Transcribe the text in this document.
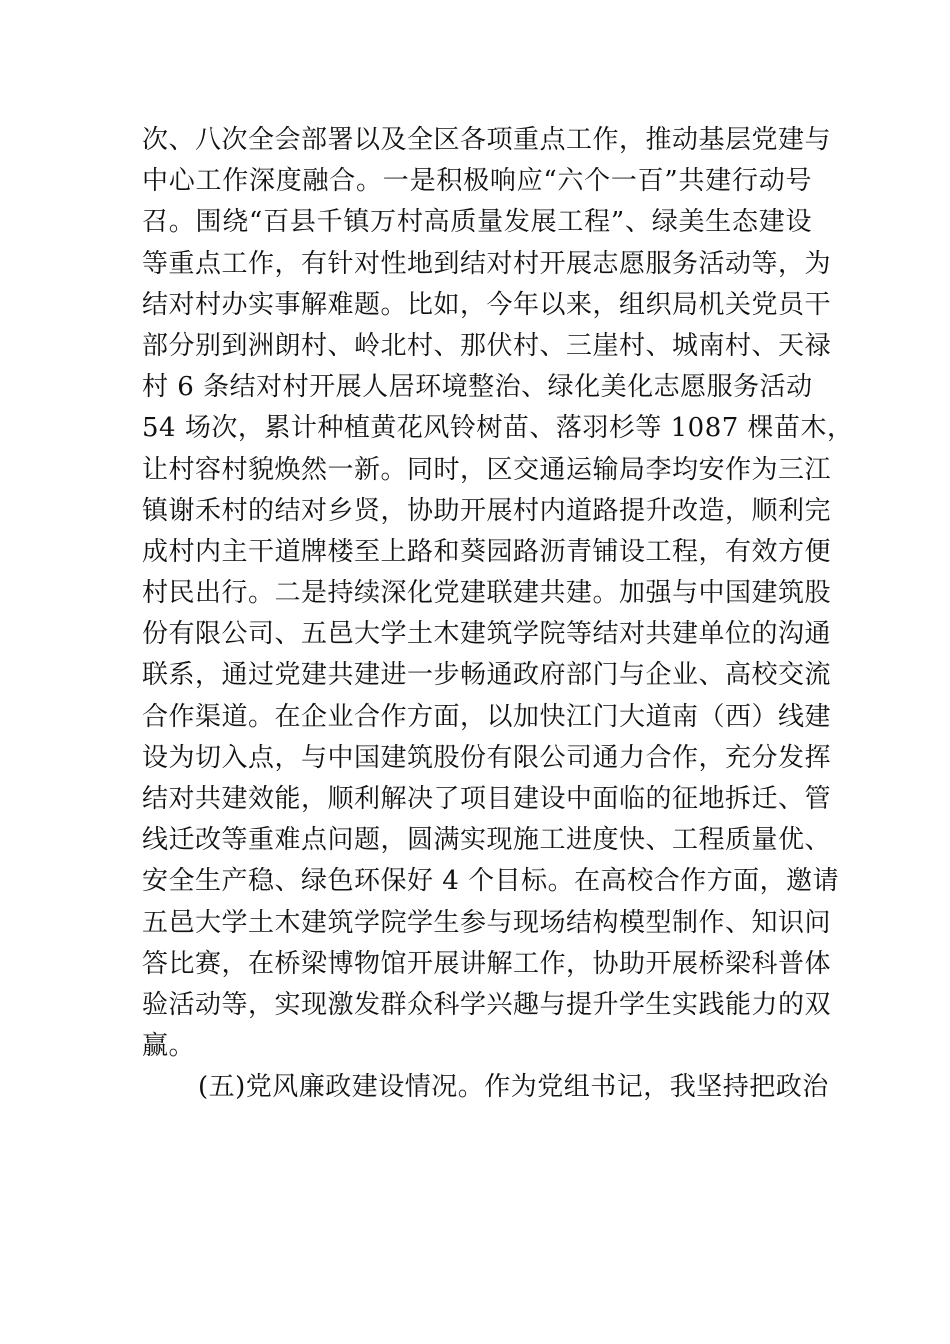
次、八次全会部署以及全区各项重点工作，推动基层党建与
中心工作深度融合。一是积极响应“六个一百”共建行动号
召。围绕“百县千镇万村高质量发展工程”、绿美生态建设
等重点工作，有针对性地到结对村开展志愿服务活动等，为
结对村办实事解难题。比如，今年以来，组织局机关党员干
部分别到洲朗村、岭北村、那伏村、三崖村、城南村、天禄
村 6 条结对村开展人居环境整治、绿化美化志愿服务活动
54 场次，累计种植黄花风铃树苗、落羽杉等 1087 棵苗木，
让村容村貌焕然一新。同时，区交通运输局李均安作为三江
镇谢禾村的结对乡贤，协助开展村内道路提升改造，顺利完
成村内主干道牌楼至上路和葵园路沥青铺设工程，有效方便
村民出行。二是持续深化党建联建共建。加强与中国建筑股
份有限公司、五邑大学土木建筑学院等结对共建单位的沟通
联系，通过党建共建进一步畅通政府部门与企业、高校交流
合作渠道。在企业合作方面，以加快江门大道南（西）线建
设为切入点，与中国建筑股份有限公司通力合作，充分发挥
结对共建效能，顺利解决了项目建设中面临的征地拆迁、管
线迁改等重难点问题，圆满实现施工进度快、工程质量优、
安全生产稳、绿色环保好 4 个目标。在高校合作方面，邀请
五邑大学土木建筑学院学生参与现场结构模型制作、知识问
答比赛，在桥梁博物馆开展讲解工作，协助开展桥梁科普体
验活动等，实现激发群众科学兴趣与提升学生实践能力的双
赢。
(五)党风廉政建设情况。作为党组书记，我坚持把政治
